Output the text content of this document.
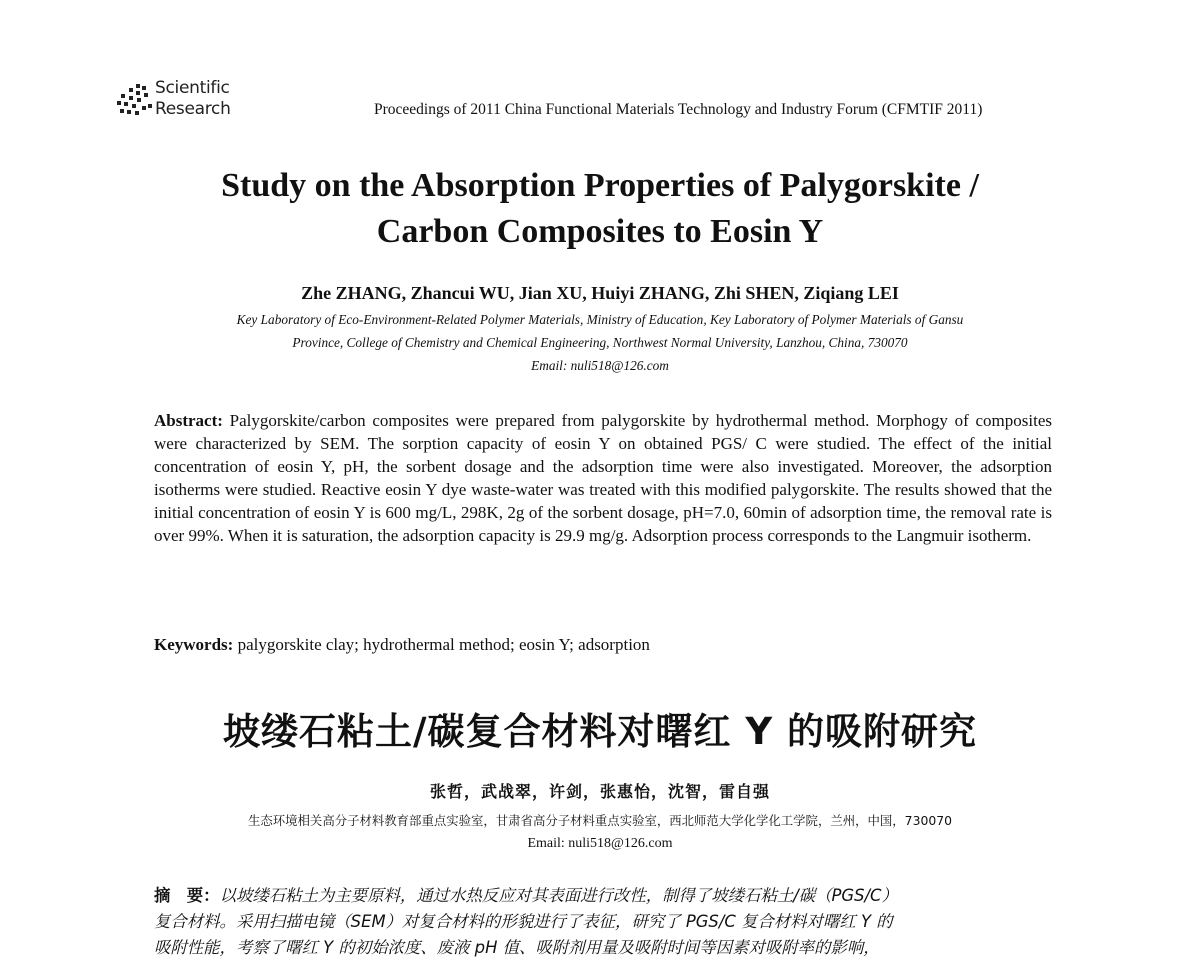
Scientific
Research	Proceedings of 2011 China Functional Materials Technology and Industry Forum (CFMTIF 2011)
Study on the Absorption Properties of Palygorskite /
Carbon Composites to Eosin Y
Zhe ZHANG, Zhancui WU, Jian XU, Huiyi ZHANG, Zhi SHEN, Ziqiang LEI
Key Laboratory of Eco-Environment-Related Polymer Materials, Ministry of Education, Key Laboratory of Polymer Materials of Gansu
Province, College of Chemistry and Chemical Engineering, Northwest Normal University, Lanzhou, China, 730070
Email: nuli518@126.com

Abstract: Palygorskite/carbon composites were prepared from palygorskite by hydrothermal method. Morphogy of composites were characterized by SEM. The sorption capacity of eosin Y on obtained PGS/ C were studied. The effect of the initial concentration of eosin Y, pH, the sorbent dosage and the adsorption time were also investigated. Moreover, the adsorption isotherms were studied. Reactive eosin Y dye waste-water was treated with this modified palygorskite. The results showed that the initial concentration of eosin Y is 600 mg/L, 298K, 2g of the sorbent dosage, pH=7.0, 60min of adsorption time, the removal rate is over 99%. When it is saturation, the adsorption capacity is 29.9 mg/g. Adsorption process corresponds to the Langmuir isotherm.

Keywords: palygorskite clay; hydrothermal method; eosin Y; adsorption

坡缕石粘土/碳复合材料对曙红 Y 的吸附研究
张哲，武战翠，许剑，张惠怡，沈智，雷自强
生态环境相关高分子材料教育部重点实验室，甘肃省高分子材料重点实验室，西北师范大学化学化工学院，兰州，中国，730070
Email: nuli518@126.com

摘　要：以坡缕石粘土为主要原料，通过水热反应对其表面进行改性，制得了坡缕石粘土/碳（PGS/C）
复合材料。采用扫描电镜（SEM）对复合材料的形貌进行了表征，研究了 PGS/C 复合材料对曙红 Y 的
吸附性能，考察了曙红 Y 的初始浓度、废液 pH 值、吸附剂用量及吸附时间等因素对吸附率的影响，
